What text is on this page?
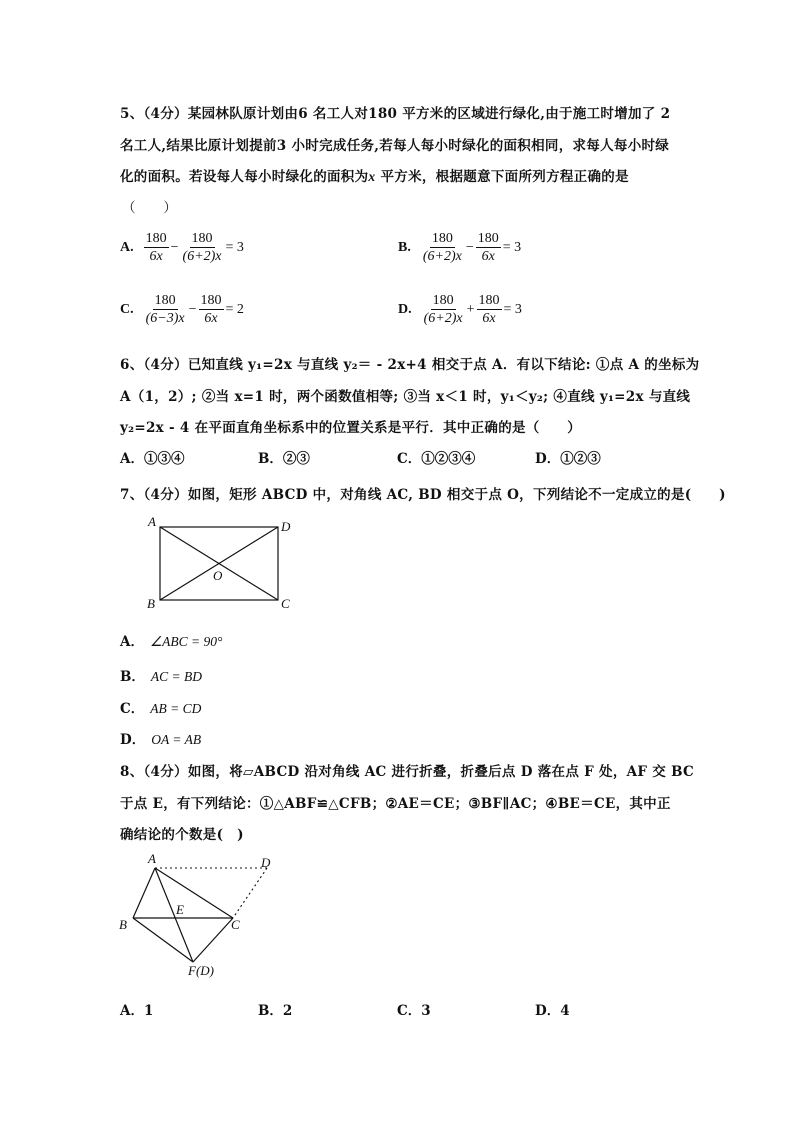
5、（4分）某园林队原计划由6 名工人对180 平方米的区域进行绿化,由于施工时增加了 2
名工人,结果比原计划提前3 小时完成任务,若每人每小时绿化的面积相同，求每人每小时绿
化的面积。若设每人每小时绿化的面积为x 平方米，根据题意下面所列方程正确的是
（　　）
A. $\frac{180}{6x} - \frac{180}{(6+2)x} = 3$	B. $\frac{180}{(6+2)x} - \frac{180}{6x} = 3$
C. $\frac{180}{(6-3)x} - \frac{180}{6x} = 2$	D. $\frac{180}{(6+2)x} + \frac{180}{6x} = 3$
6、（4分）已知直线 y₁=2x 与直线 y₂＝ - 2x+4 相交于点 A．有以下结论: ①点 A 的坐标为
A（1，2）; ②当 x=1 时，两个函数值相等; ③当 x＜1 时，y₁＜y₂; ④直线 y₁=2x 与直线
y₂=2x - 4 在平面直角坐标系中的位置关系是平行．其中正确的是（　　）
A．①③④	B．②③	C．①②③④	D．①②③
7、（4分）如图，矩形 ABCD 中，对角线 AC, BD 相交于点 O，下列结论不一定成立的是(　　)
A	D
B	C
O
A． ∠ABC = 90°
B． AC = BD
C． AB = CD
D． OA = AB
8、（4分）如图，将▱ABCD 沿对角线 AC 进行折叠，折叠后点 D 落在点 F 处，AF 交 BC
于点 E，有下列结论：①△ABF≌△CFB；②AE＝CE；③BF∥AC；④BE＝CE，其中正
确结论的个数是(　)
A	D
B	C
E
F(D)
A．1	B．2	C．3	D．4
